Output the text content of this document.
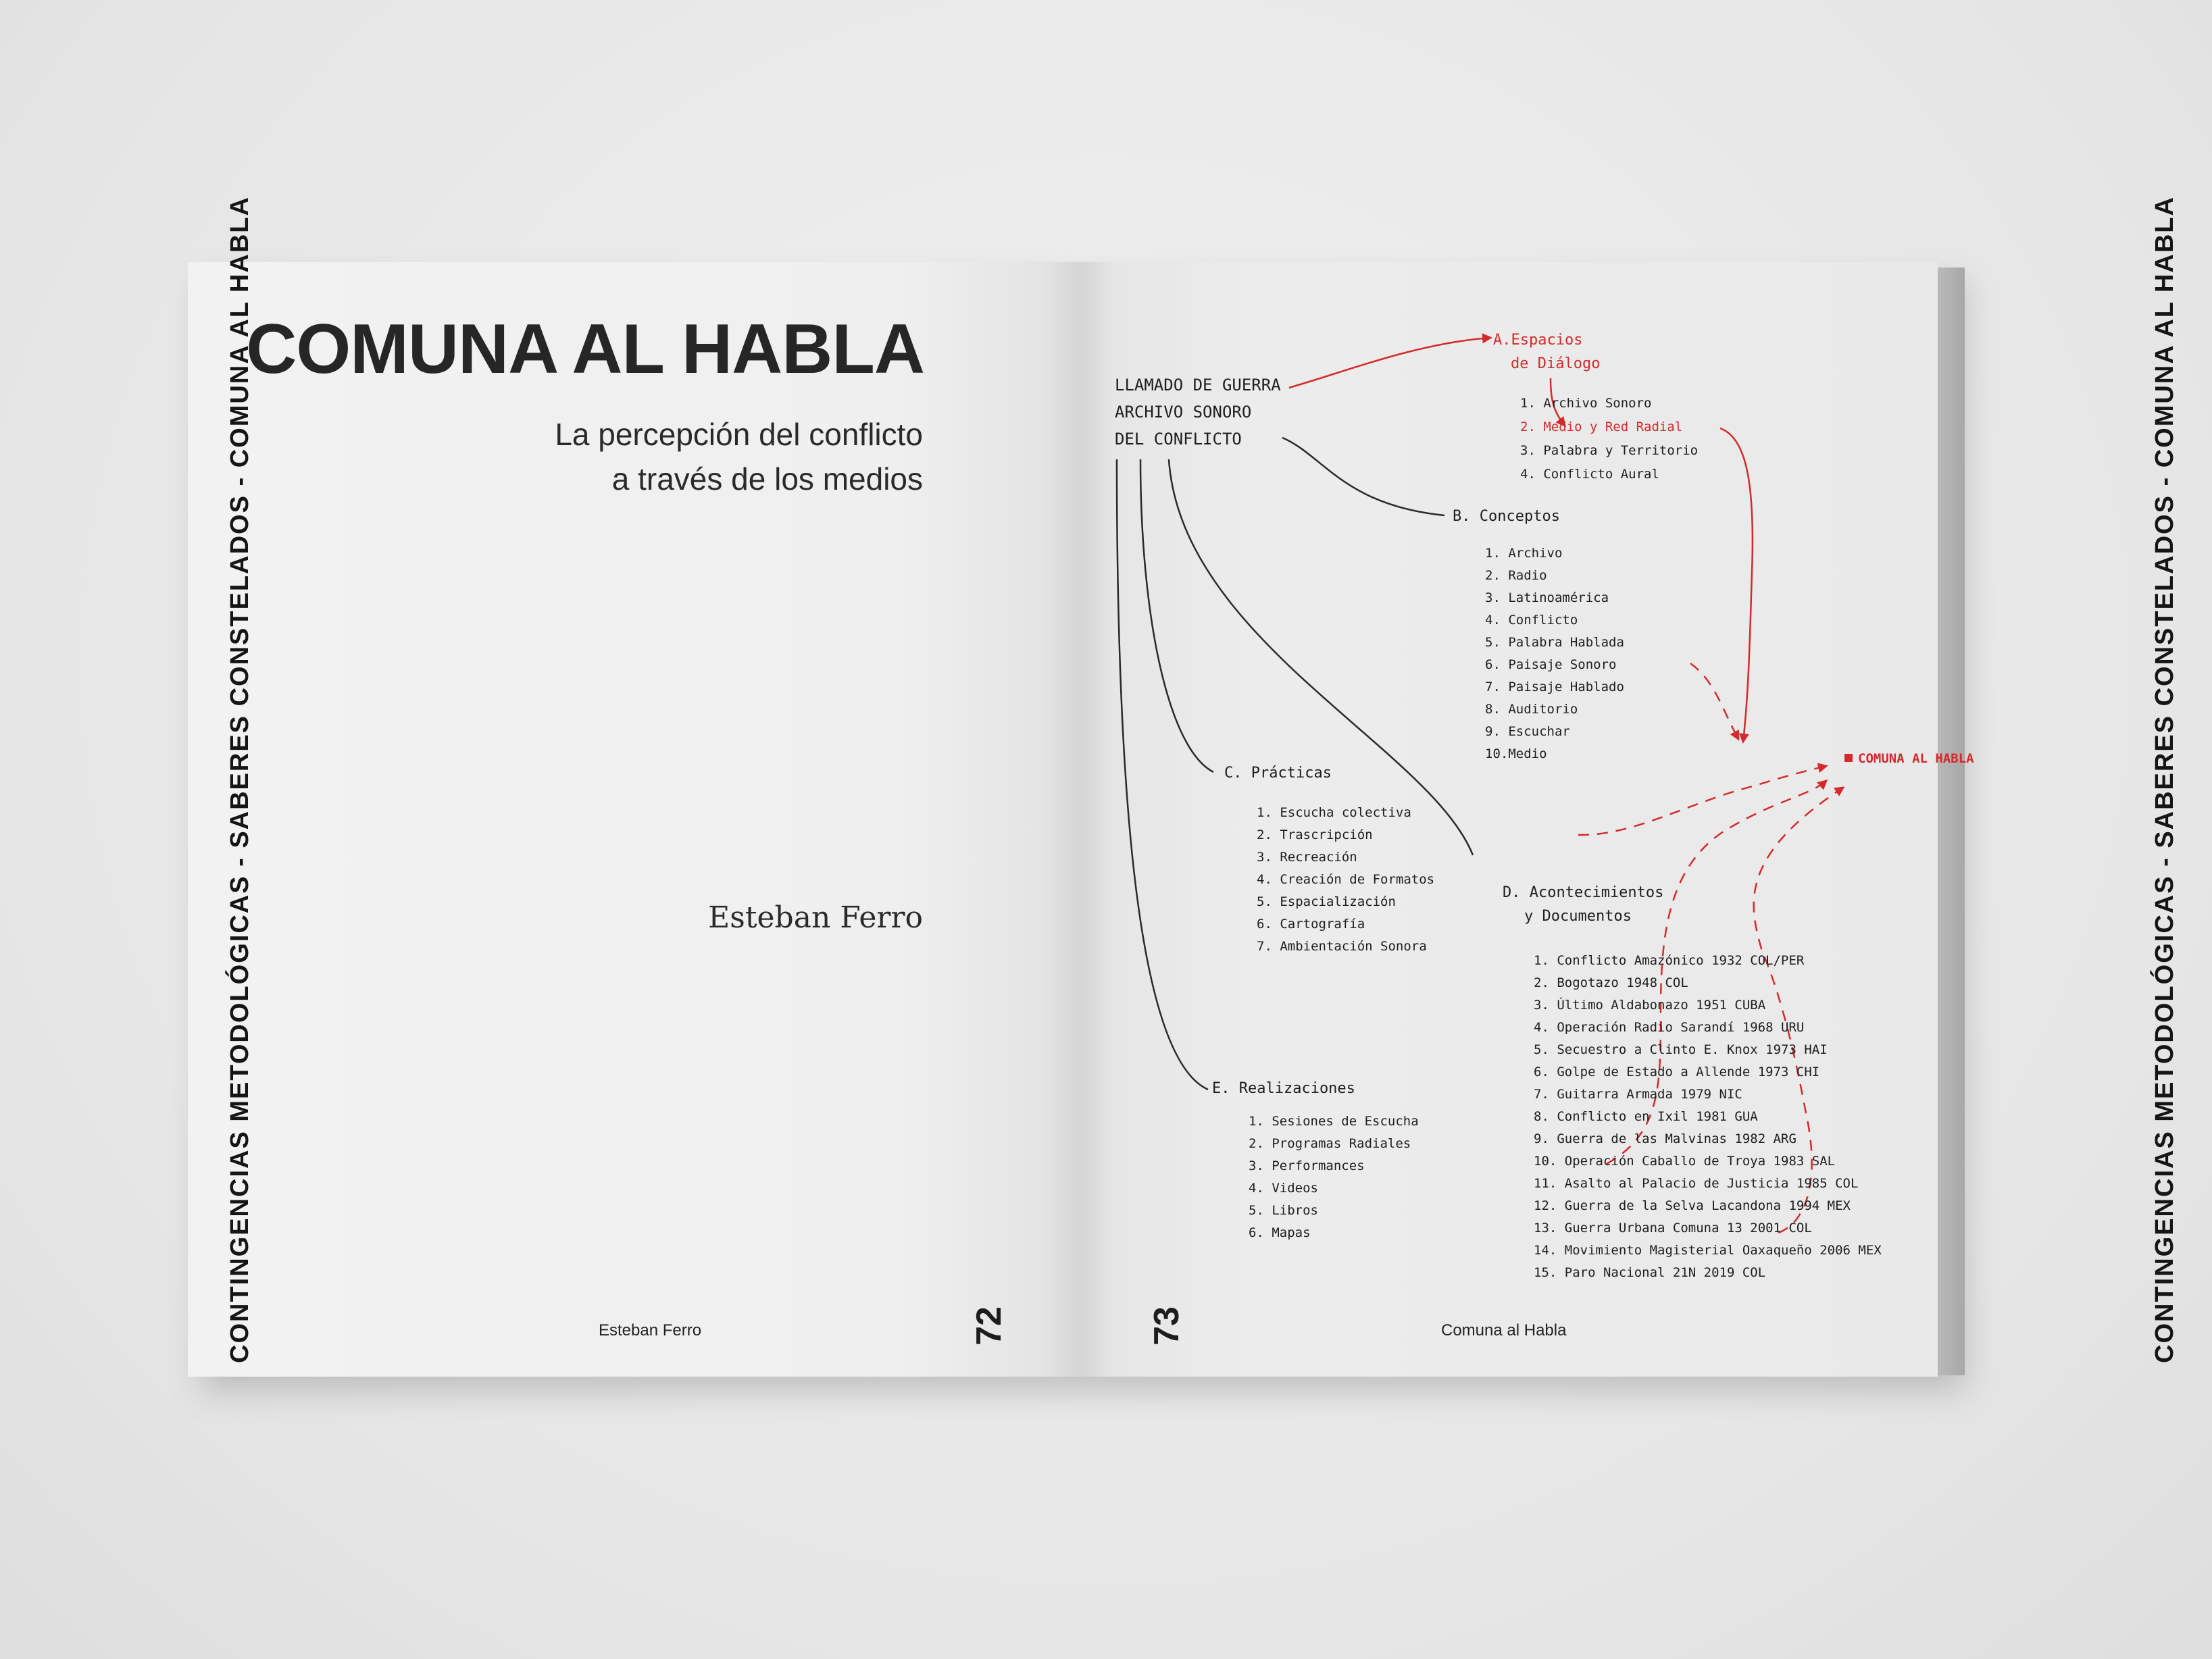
CONTINGENCIAS METODOLÓGICAS - SABERES CONSTELADOS - COMUNA AL HABLA
COMUNA AL HABLA
La percepción del conflicto
a través de los medios
Esteban Ferro
Esteban Ferro	72	CONTINGENCIAS METODOLÓGICAS - SABERES CONSTELADOS - COMUNA AL HABLA
73	Comuna al Habla
COMUNA AL HABLA
LLAMADO DE GUERRA
ARCHIVO SONORO
DEL CONFLICTO
A.Espacios
de Diálogo
1. Archivo Sonoro
2. Medio y Red Radial
3. Palabra y Territorio
4. Conflicto Aural
B. Conceptos
1. Archivo
2. Radio
3. Latinoamérica
4. Conflicto
5. Palabra Hablada
6. Paisaje Sonoro
7. Paisaje Hablado
8. Auditorio
9. Escuchar
10.Medio
C. Prácticas
1. Escucha colectiva
2. Trascripción
3. Recreación
4. Creación de Formatos
5. Espacialización
6. Cartografía
7. Ambientación Sonora
D. Acontecimientos
y Documentos
1. Conflicto Amazónico 1932 COL/PER
2. Bogotazo 1948 COL
3. Último Aldabonazo 1951 CUBA
4. Operación Radio Sarandí 1968 URU
5. Secuestro a Clinto E. Knox 1973 HAI
6. Golpe de Estado a Allende 1973 CHI
7. Guitarra Armada 1979 NIC
8. Conflicto en Ixil 1981 GUA
9. Guerra de las Malvinas 1982 ARG
10. Operación Caballo de Troya 1983 SAL
11. Asalto al Palacio de Justicia 1985 COL
12. Guerra de la Selva Lacandona 1994 MEX
13. Guerra Urbana Comuna 13 2001 COL
14. Movimiento Magisterial Oaxaqueño 2006 MEX
15. Paro Nacional 21N 2019 COL
E. Realizaciones
1. Sesiones de Escucha
2. Programas Radiales
3. Performances
4. Videos
5. Libros
6. Mapas
